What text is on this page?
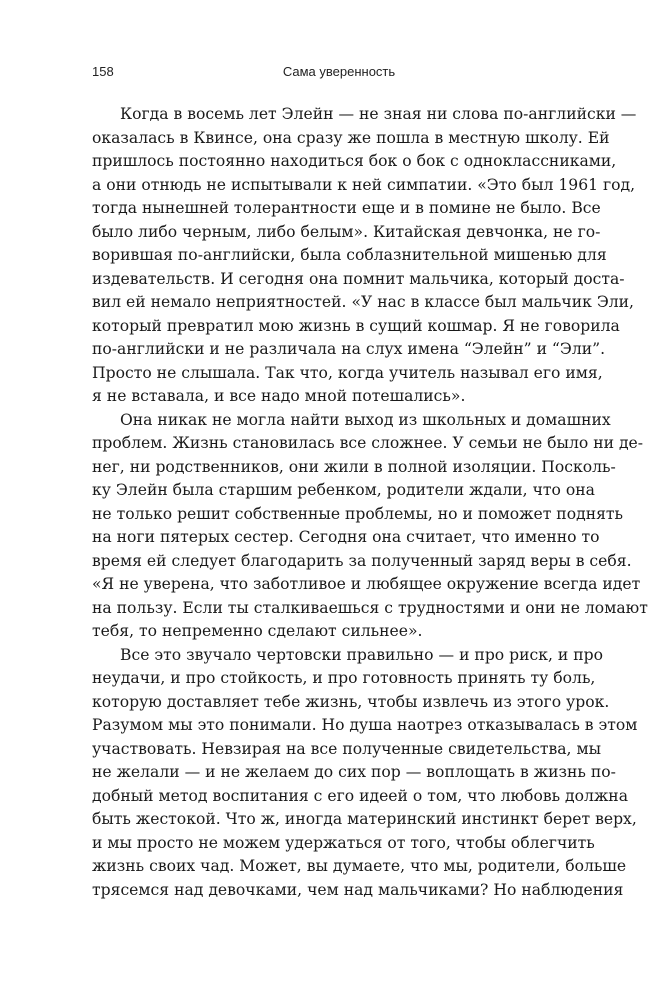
158	Сама уверенность
Когда в восемь лет Элейн — не зная ни слова по-английски —
оказалась в Квинсе, она сразу же пошла в местную школу. Ей
пришлось постоянно находиться бок о бок с одноклассниками,
а они отнюдь не испытывали к ней симпатии. «Это был 1961 год,
тогда нынешней толерантности еще и в помине не было. Все
было либо черным, либо белым». Китайская девчонка, не го-
ворившая по-английски, была соблазнительной мишенью для
издевательств. И сегодня она помнит мальчика, который доста-
вил ей немало неприятностей. «У нас в классе был мальчик Эли,
который превратил мою жизнь в сущий кошмар. Я не говорила
по-английски и не различала на слух имена “Элейн” и “Эли”.
Просто не слышала. Так что, когда учитель называл его имя,
я не вставала, и все надо мной потешались».
Она никак не могла найти выход из школьных и домашних
проблем. Жизнь становилась все сложнее. У семьи не было ни де-
нег, ни родственников, они жили в полной изоляции. Посколь-
ку Элейн была старшим ребенком, родители ждали, что она
не только решит собственные проблемы, но и поможет поднять
на ноги пятерых сестер. Сегодня она считает, что именно то
время ей следует благодарить за полученный заряд веры в себя.
«Я не уверена, что заботливое и любящее окружение всегда идет
на пользу. Если ты сталкиваешься с трудностями и они не ломают
тебя, то непременно сделают сильнее».
Все это звучало чертовски правильно — и про риск, и про
неудачи, и про стойкость, и про готовность принять ту боль,
которую доставляет тебе жизнь, чтобы извлечь из этого урок.
Разумом мы это понимали. Но душа наотрез отказывалась в этом
участвовать. Невзирая на все полученные свидетельства, мы
не желали — и не желаем до сих пор — воплощать в жизнь по-
добный метод воспитания с его идеей о том, что любовь должна
быть жестокой. Что ж, иногда материнский инстинкт берет верх,
и мы просто не можем удержаться от того, чтобы облегчить
жизнь своих чад. Может, вы думаете, что мы, родители, больше
трясемся над девочками, чем над мальчиками? Но наблюдения
